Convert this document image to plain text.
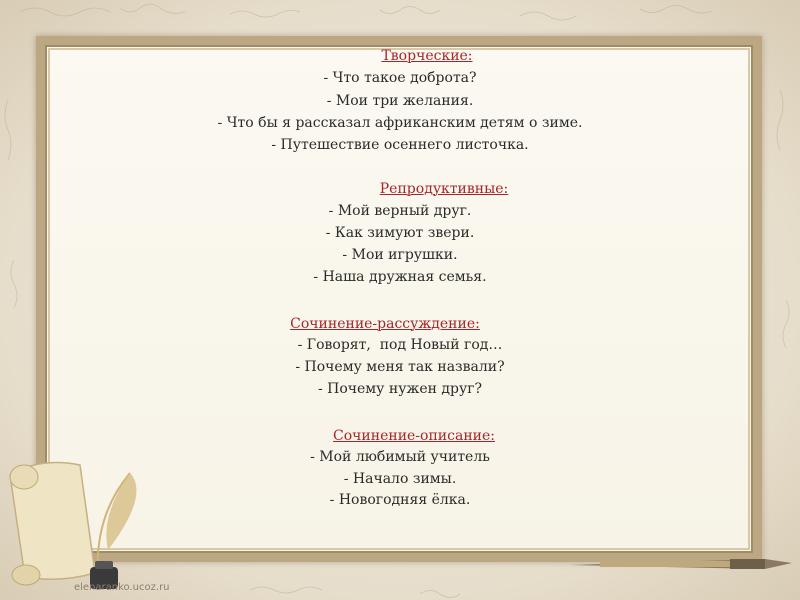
Творческие:
- Что такое доброта?
- Мои три желания.
- Что бы я рассказал африканским детям о зиме.
- Путешествие осеннего листочка.
Репродуктивные:
- Мой верный друг.
- Как зимуют звери.
- Мои игрушки.
- Наша дружная семья.
Сочинение-рассуждение:
- Говорят,  под Новый год…
- Почему меня так назвали?
- Почему нужен друг?
Сочинение-описание:
- Мой любимый учитель
- Начало зимы.
- Новогодняя ёлка.
elenaranko.ucoz.ru
